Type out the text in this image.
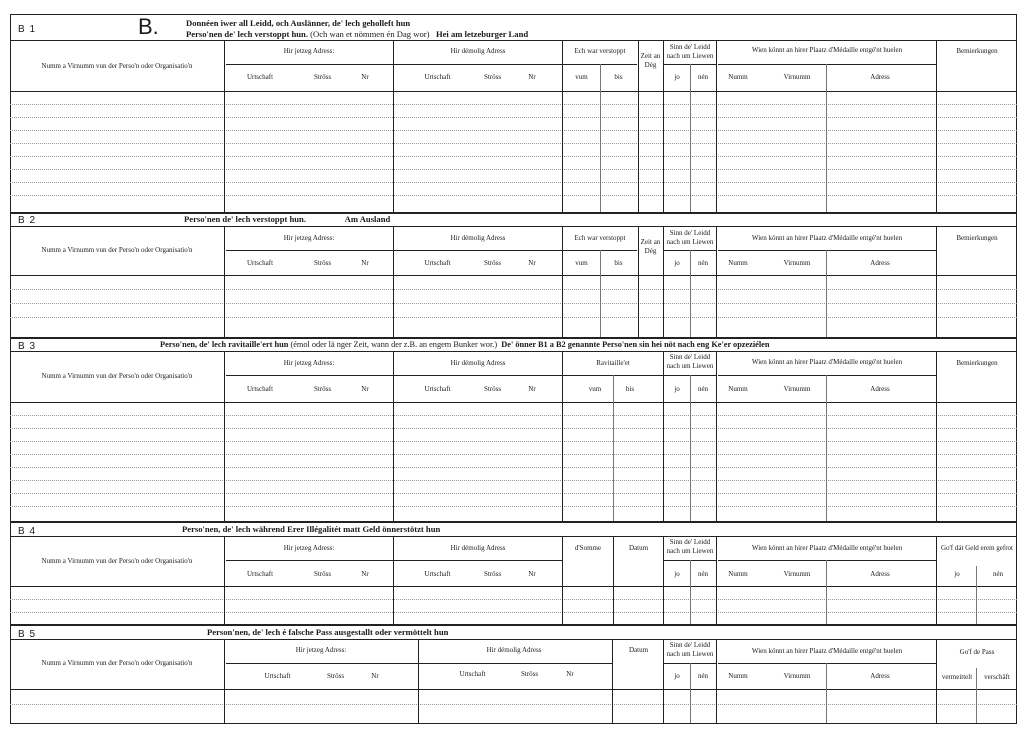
B 1	B.	Donnéen iwer all Leidd, och Auslänner, de' lech geholleft hun
Perso'nen de' lech verstoppt hun. (Och wan et nömmen én Dag wor) Hei am letzeburger Land
Numm a Virnumm vun der Perso'n oder Organisatio'n
Hir jetzeg Adress:
Urtschaft	Ströss	Nr
Hir démolig Adress
Urtschaft	Ströss	Nr
Ech war verstoppt
vum	bis
Zeit an Dég
Sinn de' Leidd nach um Liewen
jo	nén
Wien könnt an hirer Plaatz d'Médaille entgé'nt huelen
Numm	Virnumm	Adress
Bemierkungen
B 2	Perso'nen de' lech verstoppt hun.	Am Ausland
Numm a Virnumm vun der Perso'n oder Organisatio'n
Hir jetzeg Adress:
Urtschaft	Ströss	Nr
Hir démolig Adress
Urtschaft	Ströss	Nr
Ech war verstoppt
vum	bis
Zeit an Dég
Sinn de' Leidd nach um Liewen
jo	nén
Wien könnt an hirer Plaatz d'Médaille entgé'nt huelen
Numm	Virnumm	Adress
Bemierkungen
B 3	Perso'nen, de' lech ravitaille'ert hun (émol oder lä nger Zeit, wann der z.B. an engem Bunker wor.) De' önner B1 a B2 genannte Perso'nen sin hei nöt nach eng Ke'er opzeziélen
Numm a Virnumm vun der Perso'n oder Organisatio'n
Hir jetzeg Adress:
Urtschaft	Ströss	Nr
Hir démolig Adress
Urtschaft	Ströss	Nr
Ravitaille'et
vum	bis
Sinn de' Leidd nach um Liewen
jo	nén
Wien könnt an hirer Plaatz d'Médaille entgé'nt huelen
Numm	Virnumm	Adress
Bemierkungen
B 4	Perso'nen, de' lech während Erer Illégalitét matt Geld önnerstötzt hun
Numm a Virnumm vun der Perso'n oder Organisatio'n
Hir jetzeg Adress:
Urtschaft	Ströss	Nr
Hir démolig Adress
Urtschaft	Ströss	Nr
d'Somme	Datum
Sinn de' Leidd nach um Liewen
jo	nén
Wien könnt an hirer Plaatz d'Médaille entgé'nt huelen
Numm	Virnumm	Adress
Go'f dát Geld erem gefrot
jo	nén
B 5	Person'nen, de' lech é falsche Pass ausgestallt oder vermöttelt hun
Numm a Virnumm vun der Perso'n oder Organisatio'n
Hir jetzeg Adress:
Urtschaft	Ströss	Nr
Hir démolig Adress
Urtschaft	Ströss	Nr
Datum
Sinn de' Leidd nach um Liewen
jo	nén
Wien könnt an hirer Plaatz d'Médaille entgé'nt huelen
Numm	Virnumm	Adress
Go'f de Pass
vermeittelt	verschäft
